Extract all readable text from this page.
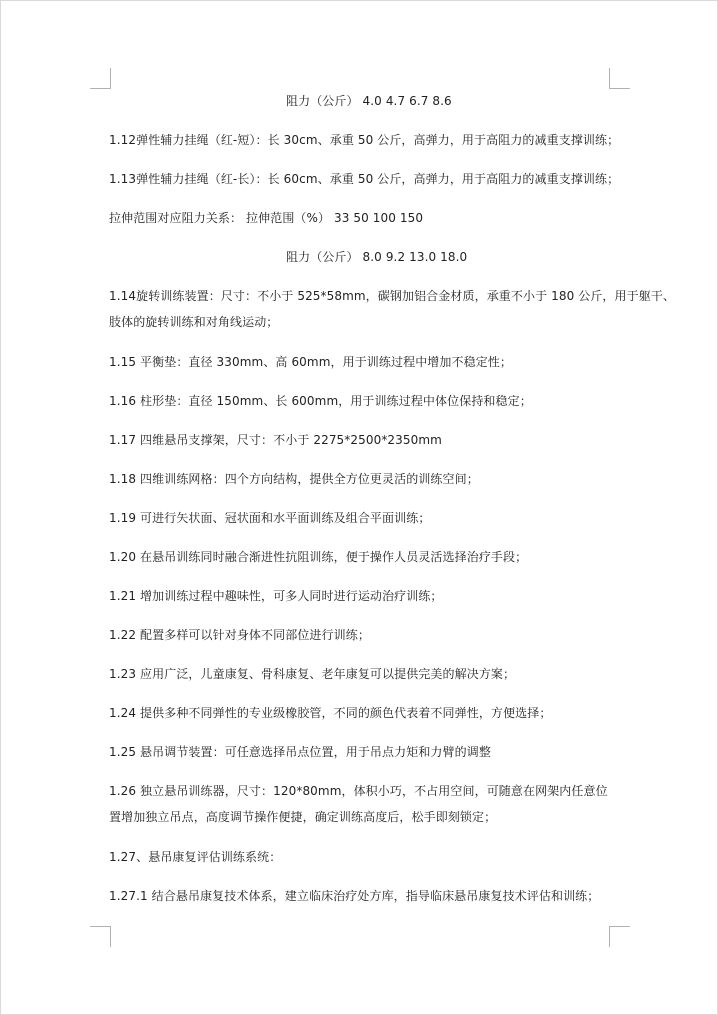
阻力（公斤） 4.0 4.7 6.7 8.6
1.12弹性辅力挂绳（红-短）：长 30cm、承重 50 公斤，高弹力，用于高阻力的减重支撑训练；
1.13弹性辅力挂绳（红-长）：长 60cm、承重 50 公斤，高弹力，用于高阻力的减重支撑训练；
拉伸范围对应阻力关系： 拉伸范围（%） 33 50 100 150
阻力（公斤） 8.0 9.2 13.0 18.0
1.14旋转训练装置：尺寸：不小于 525*58mm，碳钢加铝合金材质，承重不小于 180 公斤，用于躯干、
肢体的旋转训练和对角线运动；
1.15 平衡垫：直径 330mm、高 60mm，用于训练过程中增加不稳定性；
1.16 柱形垫：直径 150mm、长 600mm，用于训练过程中体位保持和稳定；
1.17 四维悬吊支撑架，尺寸：不小于 2275*2500*2350mm
1.18 四维训练网格：四个方向结构，提供全方位更灵活的训练空间；
1.19 可进行矢状面、冠状面和水平面训练及组合平面训练；
1.20 在悬吊训练同时融合渐进性抗阻训练，便于操作人员灵活选择治疗手段；
1.21 增加训练过程中趣味性，可多人同时进行运动治疗训练；
1.22 配置多样可以针对身体不同部位进行训练；
1.23 应用广泛，儿童康复、骨科康复、老年康复可以提供完美的解决方案；
1.24 提供多种不同弹性的专业级橡胶管，不同的颜色代表着不同弹性，方便选择；
1.25 悬吊调节装置：可任意选择吊点位置，用于吊点力矩和力臂的调整
1.26 独立悬吊训练器，尺寸：120*80mm，体积小巧，不占用空间，可随意在网架内任意位
置增加独立吊点，高度调节操作便捷，确定训练高度后，松手即刻锁定；
1.27、悬吊康复评估训练系统：
1.27.1 结合悬吊康复技术体系，建立临床治疗处方库，指导临床悬吊康复技术评估和训练；
